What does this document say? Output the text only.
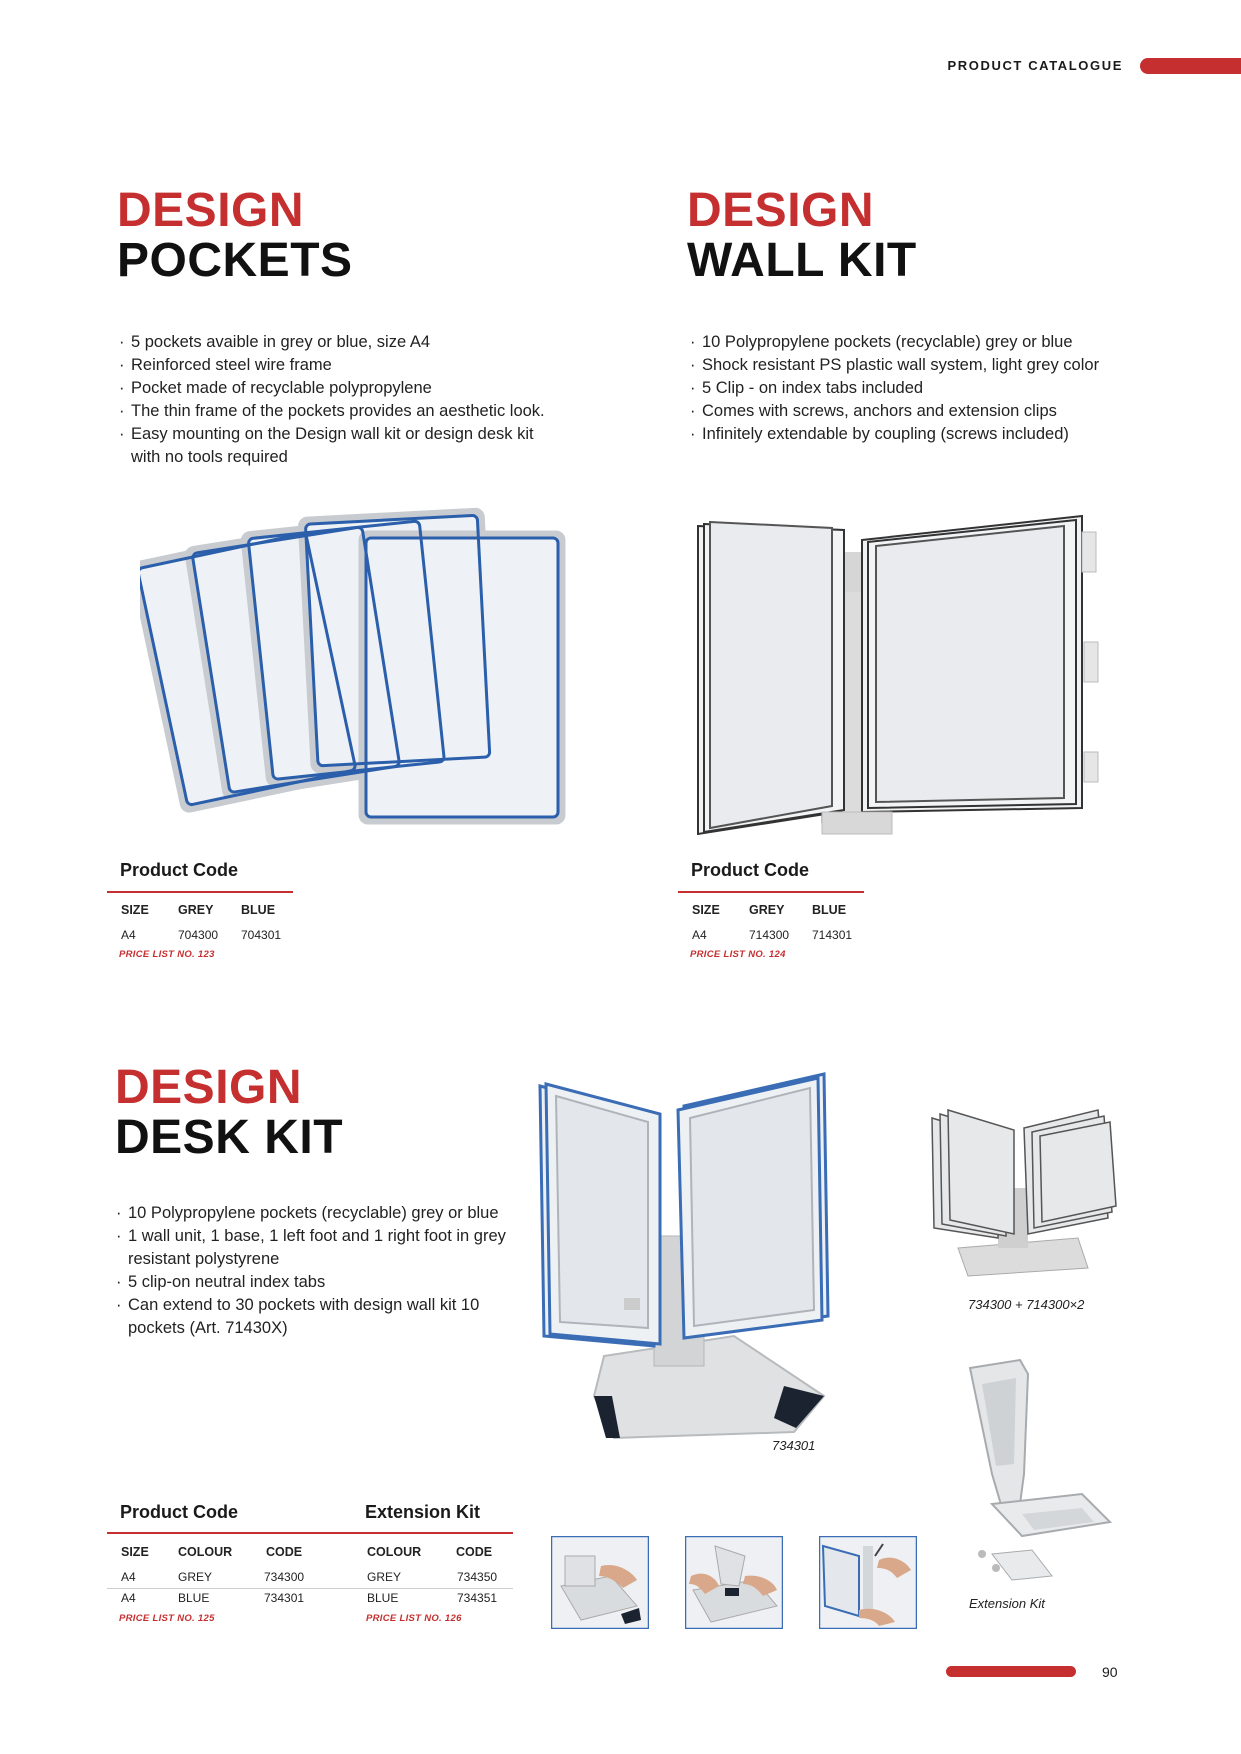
PRODUCT CATALOGUE
DESIGN
POCKETS
· 5 pockets avaible in grey or blue, size A4
· Reinforced steel wire frame
· Pocket made of recyclable polypropylene
· The thin frame of the pockets provides an aesthetic look.
· Easy mounting on the Design wall kit or design desk kit with no tools required
Product Code
SIZE GREY BLUE
A4	704300 704301
PRICE LIST NO. 123
DESIGN
WALL KIT
· 10 Polypropylene pockets (recyclable) grey or blue
· Shock resistant PS plastic wall system, light grey color
· 5 Clip - on index tabs included
· Comes with screws, anchors and extension clips
· Infinitely extendable by coupling (screws included)
Product Code
SIZE GREY BLUE
A4	714300 714301
PRICE LIST NO. 124
DESIGN
DESK KIT
· 10 Polypropylene pockets (recyclable) grey or blue
· 1 wall unit, 1 base, 1 left foot and 1 right foot in grey resistant polystyrene
· 5 clip-on neutral index tabs
· Can extend to 30 pockets with design wall kit 10 pockets (Art. 71430X)
734301
734300 + 714300×2
Extension Kit
Product Code	Extension Kit
SIZE COLOUR	CODE	COLOUR	CODE
A4	GREY	734300	GREY	734350
A4	BLUE	734301	BLUE	734351
PRICE LIST NO. 125	PRICE LIST NO. 126
90
